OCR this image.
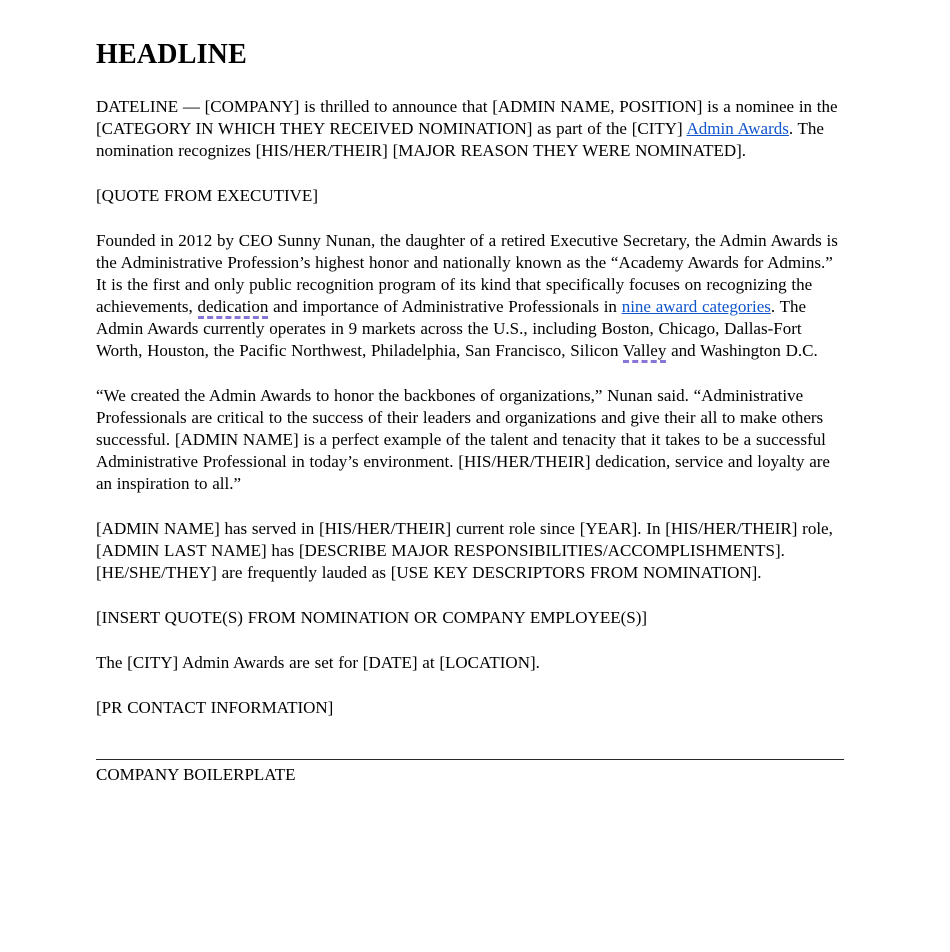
HEADLINE

DATELINE — [COMPANY] is thrilled to announce that [ADMIN NAME, POSITION] is a nominee in the [CATEGORY IN WHICH THEY RECEIVED NOMINATION] as part of the [CITY] Admin Awards. The nomination recognizes [HIS/HER/THEIR] [MAJOR REASON THEY WERE NOMINATED].

[QUOTE FROM EXECUTIVE]

Founded in 2012 by CEO Sunny Nunan, the daughter of a retired Executive Secretary, the Admin Awards is the Administrative Profession’s highest honor and nationally known as the “Academy Awards for Admins.” It is the first and only public recognition program of its kind that specifically focuses on recognizing the achievements, dedication and importance of Administrative Professionals in nine award categories. The Admin Awards currently operates in 9 markets across the U.S., including Boston, Chicago, Dallas-Fort Worth, Houston, the Pacific Northwest, Philadelphia, San Francisco, Silicon Valley and Washington D.C.

“We created the Admin Awards to honor the backbones of organizations,” Nunan said. “Administrative Professionals are critical to the success of their leaders and organizations and give their all to make others successful. [ADMIN NAME] is a perfect example of the talent and tenacity that it takes to be a successful Administrative Professional in today’s environment. [HIS/HER/THEIR] dedication, service and loyalty are an inspiration to all.”

[ADMIN NAME] has served in [HIS/HER/THEIR] current role since [YEAR]. In [HIS/HER/THEIR] role, [ADMIN LAST NAME] has [DESCRIBE MAJOR RESPONSIBILITIES/ACCOMPLISHMENTS]. [HE/SHE/THEY] are frequently lauded as [USE KEY DESCRIPTORS FROM NOMINATION].

[INSERT QUOTE(S) FROM NOMINATION OR COMPANY EMPLOYEE(S)]

The [CITY] Admin Awards are set for [DATE] at [LOCATION].

[PR CONTACT INFORMATION]

________________________________________________________________________________________

COMPANY BOILERPLATE
